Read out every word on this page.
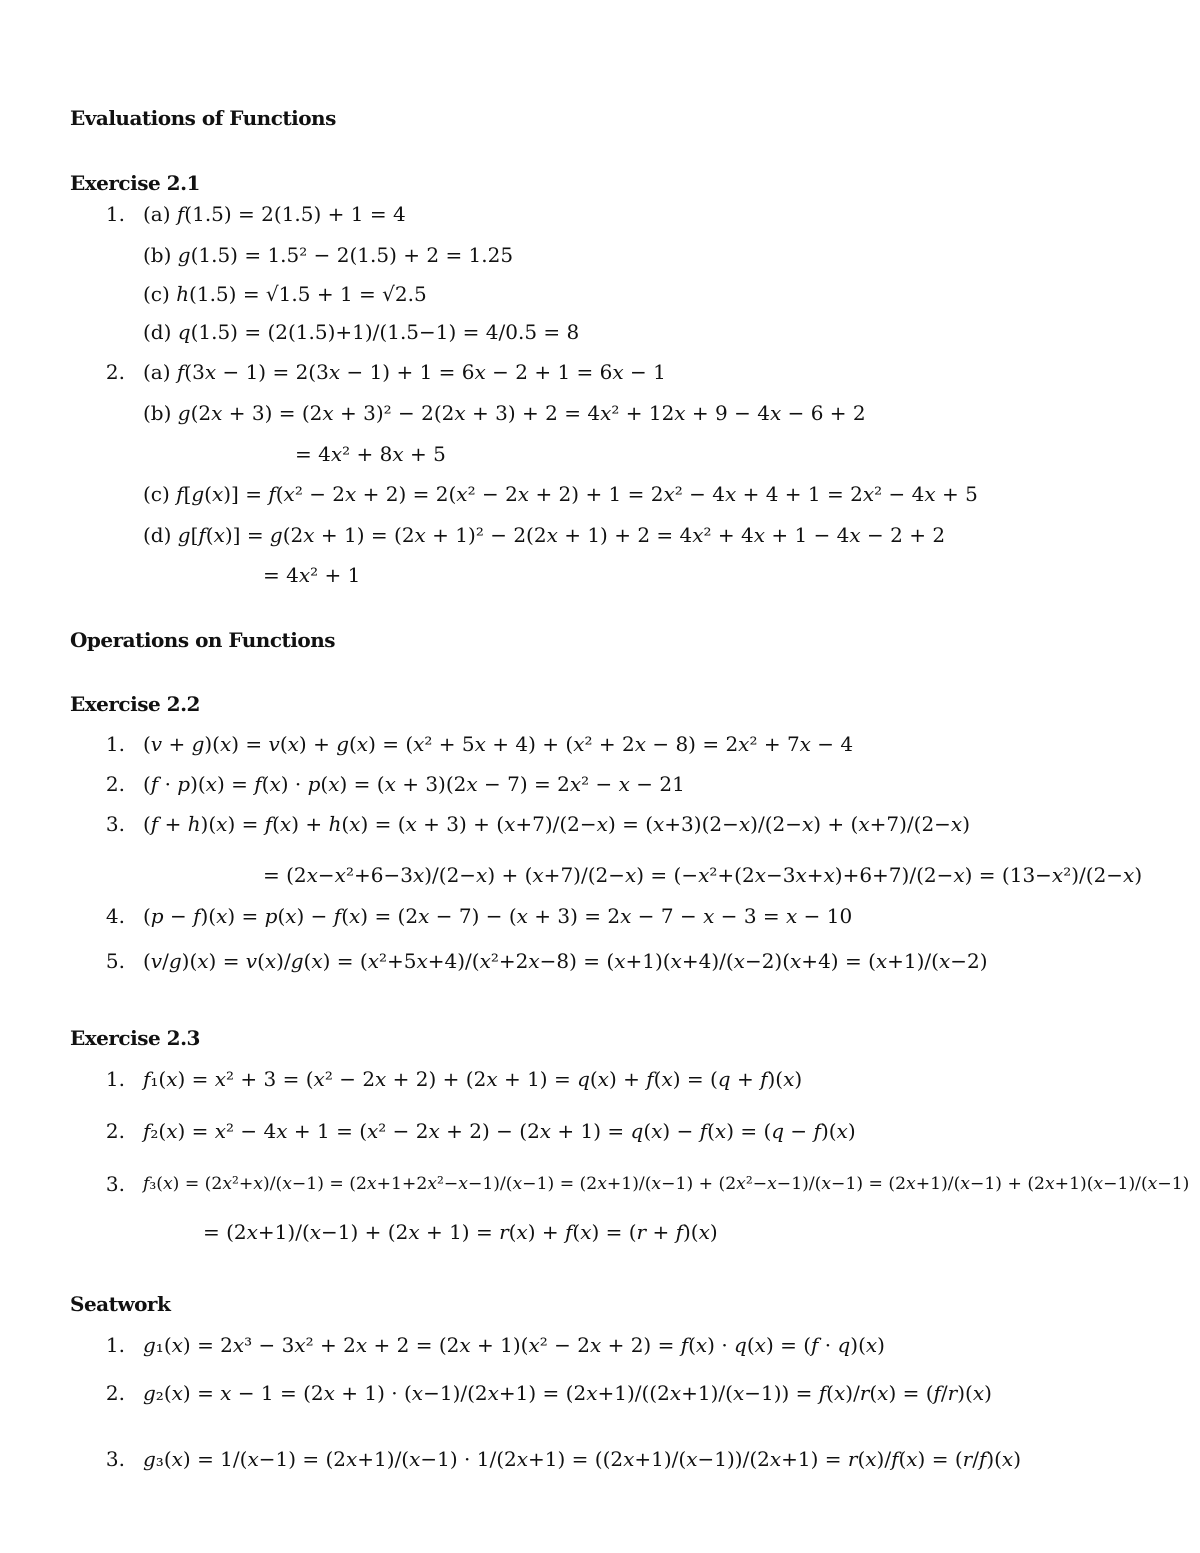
Evaluations of Functions
Exercise 2.1
Operations on Functions
Exercise 2.2
Exercise 2.3
Seatwork
1. (a) 𝑓(1.5) = 2(1.5) + 1 = 4
(b) 𝑔(1.5) = 1.5² − 2(1.5) + 2 = 1.25
(c) ℎ(1.5) = √1.5 + 1 = √2.5
(d) 𝑞(1.5) = (2(1.5)+1)/(1.5−1) = 4/0.5 = 8
2. (a) 𝑓(3𝑥 − 1) = 2(3𝑥 − 1) + 1 = 6𝑥 − 2 + 1 = 6𝑥 − 1
(b) 𝑔(2𝑥 + 3) = (2𝑥 + 3)² − 2(2𝑥 + 3) + 2 = 4𝑥² + 12𝑥 + 9 − 4𝑥 − 6 + 2
= 4𝑥² + 8𝑥 + 5
(c) 𝑓[𝑔(𝑥)] = 𝑓(𝑥² − 2𝑥 + 2) = 2(𝑥² − 2𝑥 + 2) + 1 = 2𝑥² − 4𝑥 + 4 + 1 = 2𝑥² − 4𝑥 + 5
(d) 𝑔[𝑓(𝑥)] = 𝑔(2𝑥 + 1) = (2𝑥 + 1)² − 2(2𝑥 + 1) + 2 = 4𝑥² + 4𝑥 + 1 − 4𝑥 − 2 + 2
= 4𝑥² + 1
1. (𝑣 + 𝑔)(𝑥) = 𝑣(𝑥) + 𝑔(𝑥) = (𝑥² + 5𝑥 + 4) + (𝑥² + 2𝑥 − 8) = 2𝑥² + 7𝑥 − 4
2. (𝑓 · 𝑝)(𝑥) = 𝑓(𝑥) · 𝑝(𝑥) = (𝑥 + 3)(2𝑥 − 7) = 2𝑥² − 𝑥 − 21
3. (𝑓 + ℎ)(𝑥) = 𝑓(𝑥) + ℎ(𝑥) = (𝑥 + 3) + (𝑥+7)/(2−𝑥) = (𝑥+3)(2−𝑥)/(2−𝑥) + (𝑥+7)/(2−𝑥)
= (2𝑥−𝑥²+6−3𝑥)/(2−𝑥) + (𝑥+7)/(2−𝑥) = (−𝑥²+(2𝑥−3𝑥+𝑥)+6+7)/(2−𝑥) = (13−𝑥²)/(2−𝑥)
4. (𝑝 − 𝑓)(𝑥) = 𝑝(𝑥) − 𝑓(𝑥) = (2𝑥 − 7) − (𝑥 + 3) = 2𝑥 − 7 − 𝑥 − 3 = 𝑥 − 10
5. (𝑣/𝑔)(𝑥) = 𝑣(𝑥)/𝑔(𝑥) = (𝑥²+5𝑥+4)/(𝑥²+2𝑥−8) = (𝑥+1)(𝑥+4)/(𝑥−2)(𝑥+4) = (𝑥+1)/(𝑥−2)
1. 𝑓₁(𝑥) = 𝑥² + 3 = (𝑥² − 2𝑥 + 2) + (2𝑥 + 1) = 𝑞(𝑥) + 𝑓(𝑥) = (𝑞 + 𝑓)(𝑥)
2. 𝑓₂(𝑥) = 𝑥² − 4𝑥 + 1 = (𝑥² − 2𝑥 + 2) − (2𝑥 + 1) = 𝑞(𝑥) − 𝑓(𝑥) = (𝑞 − 𝑓)(𝑥)
3. 𝑓₃(𝑥) = (2𝑥²+𝑥)/(𝑥−1) = (2𝑥+1+2𝑥²−𝑥−1)/(𝑥−1) = (2𝑥+1)/(𝑥−1) + (2𝑥²−𝑥−1)/(𝑥−1) = (2𝑥+1)/(𝑥−1) + (2𝑥+1)(𝑥−1)/(𝑥−1)
= (2𝑥+1)/(𝑥−1) + (2𝑥 + 1) = 𝑟(𝑥) + 𝑓(𝑥) = (𝑟 + 𝑓)(𝑥)
1. 𝑔₁(𝑥) = 2𝑥³ − 3𝑥² + 2𝑥 + 2 = (2𝑥 + 1)(𝑥² − 2𝑥 + 2) = 𝑓(𝑥) · 𝑞(𝑥) = (𝑓 · 𝑞)(𝑥)
2. 𝑔₂(𝑥) = 𝑥 − 1 = (2𝑥 + 1) · (𝑥−1)/(2𝑥+1) = (2𝑥+1)/((2𝑥+1)/(𝑥−1)) = 𝑓(𝑥)/𝑟(𝑥) = (𝑓/𝑟)(𝑥)
3. 𝑔₃(𝑥) = 1/(𝑥−1) = (2𝑥+1)/(𝑥−1) · 1/(2𝑥+1) = ((2𝑥+1)/(𝑥−1))/(2𝑥+1) = 𝑟(𝑥)/𝑓(𝑥) = (𝑟/𝑓)(𝑥)
